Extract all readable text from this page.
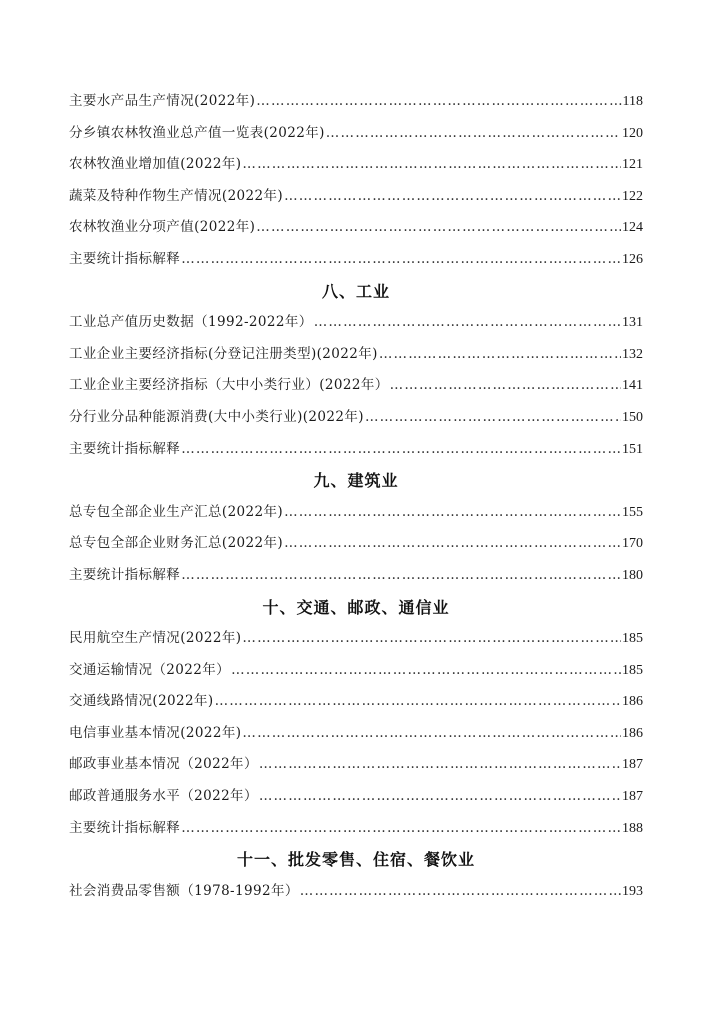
主要水产品生产情况(2022年) ……………………………………………………………………………………………………………………………………………………………………	118
分乡镇农林牧渔业总产值一览表(2022年) ……………………………………………………………………………………………………………………………………………………………………	120
农林牧渔业增加值(2022年) ……………………………………………………………………………………………………………………………………………………………………	121
蔬菜及特种作物生产情况(2022年) ……………………………………………………………………………………………………………………………………………………………………	122
农林牧渔业分项产值(2022年) ……………………………………………………………………………………………………………………………………………………………………	124
主要统计指标解释 ……………………………………………………………………………………………………………………………………………………………………	126
八、工业
工业总产值历史数据（1992-2022年） ……………………………………………………………………………………………………………………………………………………………………	131
工业企业主要经济指标(分登记注册类型)(2022年) ……………………………………………………………………………………………………………………………………………………………………	132
工业企业主要经济指标（大中小类行业）(2022年） ……………………………………………………………………………………………………………………………………………………………………	141
分行业分品种能源消费(大中小类行业)(2022年) ……………………………………………………………………………………………………………………………………………………………………	150
主要统计指标解释 ……………………………………………………………………………………………………………………………………………………………………	151
九、建筑业
总专包全部企业生产汇总(2022年) ……………………………………………………………………………………………………………………………………………………………………	155
总专包全部企业财务汇总(2022年) ……………………………………………………………………………………………………………………………………………………………………	170
主要统计指标解释 ……………………………………………………………………………………………………………………………………………………………………	180
十、交通、邮政、通信业
民用航空生产情况(2022年) ……………………………………………………………………………………………………………………………………………………………………	185
交通运输情况（2022年） ……………………………………………………………………………………………………………………………………………………………………	185
交通线路情况(2022年) ……………………………………………………………………………………………………………………………………………………………………	186
电信事业基本情况(2022年) ……………………………………………………………………………………………………………………………………………………………………	186
邮政事业基本情况（2022年） ……………………………………………………………………………………………………………………………………………………………………	187
邮政普通服务水平（2022年） ……………………………………………………………………………………………………………………………………………………………………	187
主要统计指标解释 ……………………………………………………………………………………………………………………………………………………………………	188
十一、批发零售、住宿、餐饮业
社会消费品零售额（1978-1992年） ……………………………………………………………………………………………………………………………………………………………………	193
